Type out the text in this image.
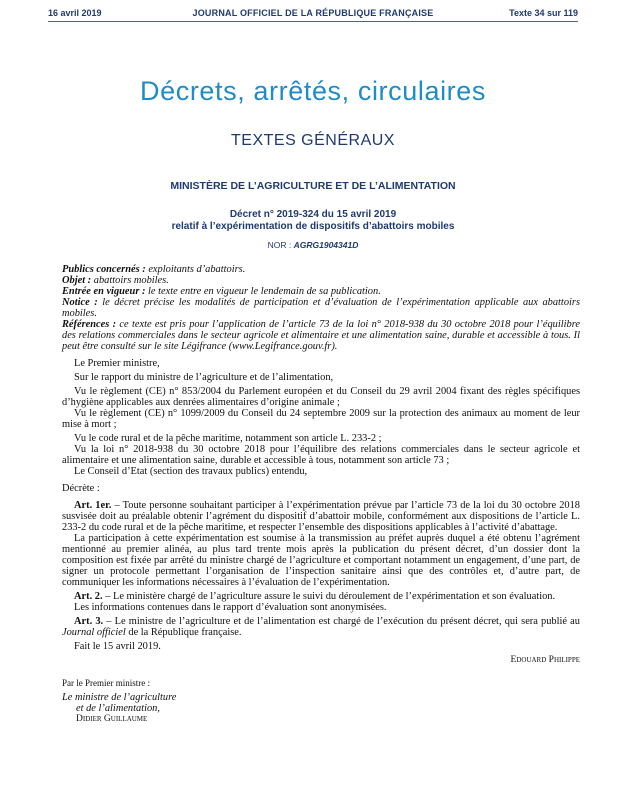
16 avril 2019	JOURNAL OFFICIEL DE LA RÉPUBLIQUE FRANÇAISE	Texte 34 sur 119
Décrets, arrêtés, circulaires
TEXTES GÉNÉRAUX
MINISTÈRE DE L’AGRICULTURE ET DE L’ALIMENTATION
Décret n° 2019-324 du 15 avril 2019
relatif à l’expérimentation de dispositifs d’abattoirs mobiles
NOR : AGRG1904341D

Publics concernés : exploitants d’abattoirs.

Objet : abattoirs mobiles.

Entrée en vigueur : le texte entre en vigueur le lendemain de sa publication.

Notice : le décret précise les modalités de participation et d’évaluation de l’expérimentation applicable aux abattoirs mobiles.

Références : ce texte est pris pour l’application de l’article 73 de la loi n° 2018-938 du 30 octobre 2018 pour l’équilibre des relations commerciales dans le secteur agricole et alimentaire et une alimentation saine, durable et accessible à tous. Il peut être consulté sur le site Légifrance (www.Legifrance.gouv.fr).

Le Premier ministre,

Sur le rapport du ministre de l’agriculture et de l’alimentation,

Vu le règlement (CE) n° 853/2004 du Parlement européen et du Conseil du 29 avril 2004 fixant des règles spécifiques d’hygiène applicables aux denrées alimentaires d’origine animale ;

Vu le règlement (CE) n° 1099/2009 du Conseil du 24 septembre 2009 sur la protection des animaux au moment de leur mise à mort ;

Vu le code rural et de la pêche maritime, notamment son article L. 233-2 ;

Vu la loi n° 2018-938 du 30 octobre 2018 pour l’équilibre des relations commerciales dans le secteur agricole et alimentaire et une alimentation saine, durable et accessible à tous, notamment son article 73 ;

Le Conseil d’Etat (section des travaux publics) entendu,

Décrète :

Art. 1er. – Toute personne souhaitant participer à l’expérimentation prévue par l’article 73 de la loi du 30 octobre 2018 susvisée doit au préalable obtenir l’agrément du dispositif d’abattoir mobile, conformément aux dispositions de l’article L. 233-2 du code rural et de la pêche maritime, et respecter l’ensemble des dispositions applicables à l’activité d’abattage.

La participation à cette expérimentation est soumise à la transmission au préfet auprès duquel a été obtenu l’agrément mentionné au premier alinéa, au plus tard trente mois après la publication du présent décret, d’un dossier dont la composition est fixée par arrêté du ministre chargé de l’agriculture et comportant notamment un engagement, d’une part, de signer un protocole permettant l’organisation de l’inspection sanitaire ainsi que des contrôles et, d’autre part, de communiquer les informations nécessaires à l’évaluation de l’expérimentation.

Art. 2. – Le ministère chargé de l’agriculture assure le suivi du déroulement de l’expérimentation et son évaluation.

Les informations contenues dans le rapport d’évaluation sont anonymisées.

Art. 3. – Le ministre de l’agriculture et de l’alimentation est chargé de l’exécution du présent décret, qui sera publié au Journal officiel de la République française.

Fait le 15 avril 2019.

Edouard Philippe

Par le Premier ministre :

Le ministre de l’agriculture

et de l’alimentation,

Didier Guillaume
